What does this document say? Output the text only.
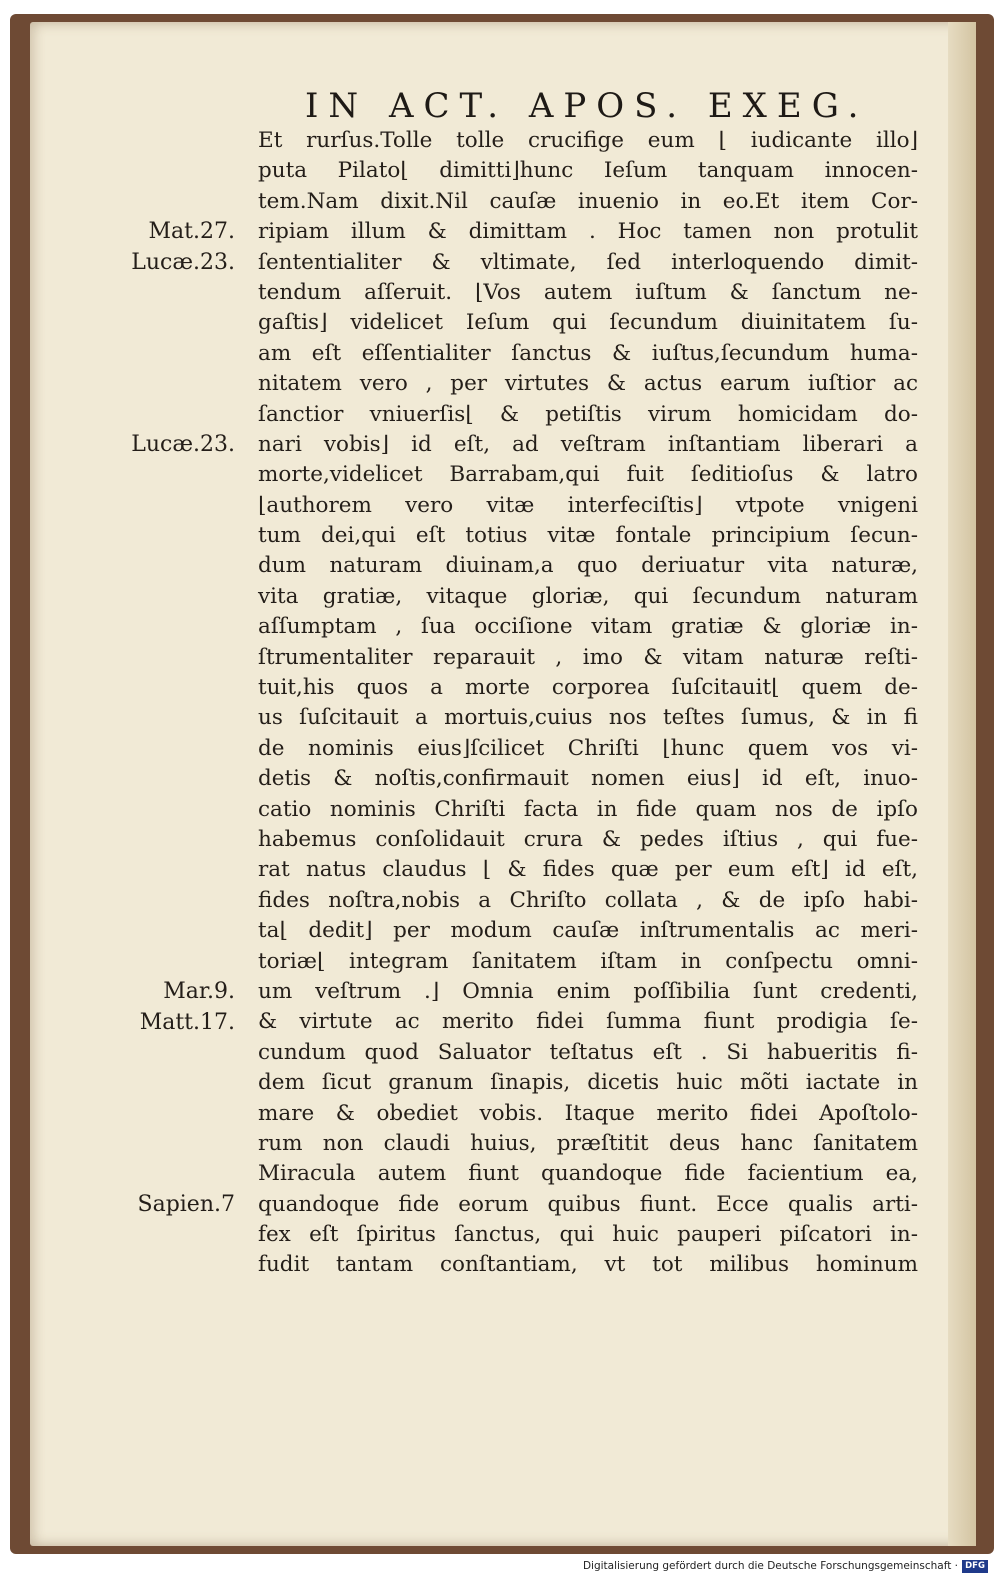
IN ACT. APOS. EXEG.
Et rurſus.Tolle tolle crucifige eum ⌊ iudicante illo⌋
puta Pilato⌊ dimitti⌋hunc Ieſum tanquam innocen-
tem.Nam dixit.Nil cauſæ inuenio in eo.Et item Cor-
ripiam illum & dimittam . Hoc tamen non protulit
ſententialiter & vltimate, ſed interloquendo dimit-
tendum aſſeruit. ⌊Vos autem iuſtum & ſanctum ne-
gaſtis⌋ videlicet Ieſum qui ſecundum diuinitatem ſu-
am eſt eſſentialiter ſanctus & iuſtus,ſecundum huma-
nitatem vero , per virtutes & actus earum iuſtior ac
ſanctior vniuerſis⌊ & petiſtis virum homicidam do-
nari vobis⌋ id eſt, ad veſtram inſtantiam liberari a
morte,videlicet Barrabam,qui fuit ſeditioſus & latro
⌊authorem vero vitæ interfeciſtis⌋ vtpote vnigeni
tum dei,qui eſt totius vitæ fontale principium ſecun-
dum naturam diuinam,a quo deriuatur vita naturæ,
vita gratiæ, vitaque gloriæ, qui ſecundum naturam
aſſumptam , ſua occiſione vitam gratiæ & gloriæ in-
ſtrumentaliter reparauit , imo & vitam naturæ reſti-
tuit,his quos a morte corporea ſuſcitauit⌊ quem de-
us ſuſcitauit a mortuis,cuius nos teſtes ſumus, & in fi
de nominis eius⌋ſcilicet Chriſti ⌊hunc quem vos vi-
detis & noſtis,confirmauit nomen eius⌋ id eſt, inuo-
catio nominis Chriſti facta in fide quam nos de ipſo
habemus conſolidauit crura & pedes iſtius , qui fue-
rat natus claudus ⌊ & fides quæ per eum eſt⌋ id eſt,
fides noſtra,nobis a Chriſto collata , & de ipſo habi-
ta⌊ dedit⌋ per modum cauſæ inſtrumentalis ac meri-
toriæ⌊ integram ſanitatem iſtam in conſpectu omni-
um veſtrum .⌋ Omnia enim poſſibilia ſunt credenti,
& virtute ac merito fidei ſumma fiunt prodigia ſe-
cundum quod Saluator teſtatus eſt . Si habueritis fi-
dem ſicut granum ſinapis, dicetis huic mõti iactate in
mare & obediet vobis. Itaque merito fidei Apoſtolo-
rum non claudi huius, præſtitit deus hanc ſanitatem
Miracula autem fiunt quandoque fide facientium ea,
quandoque fide eorum quibus fiunt. Ecce qualis arti-
fex eſt ſpiritus ſanctus, qui huic pauperi piſcatori in-
fudit tantam conſtantiam, vt tot milibus hominum
Mat.27.
Lucæ.23.
Lucæ.23.
Mar.9.
Matt.17.
Sapien.7
Digitalisierung gefördert durch die Deutsche Forschungsgemeinschaft · DFG
